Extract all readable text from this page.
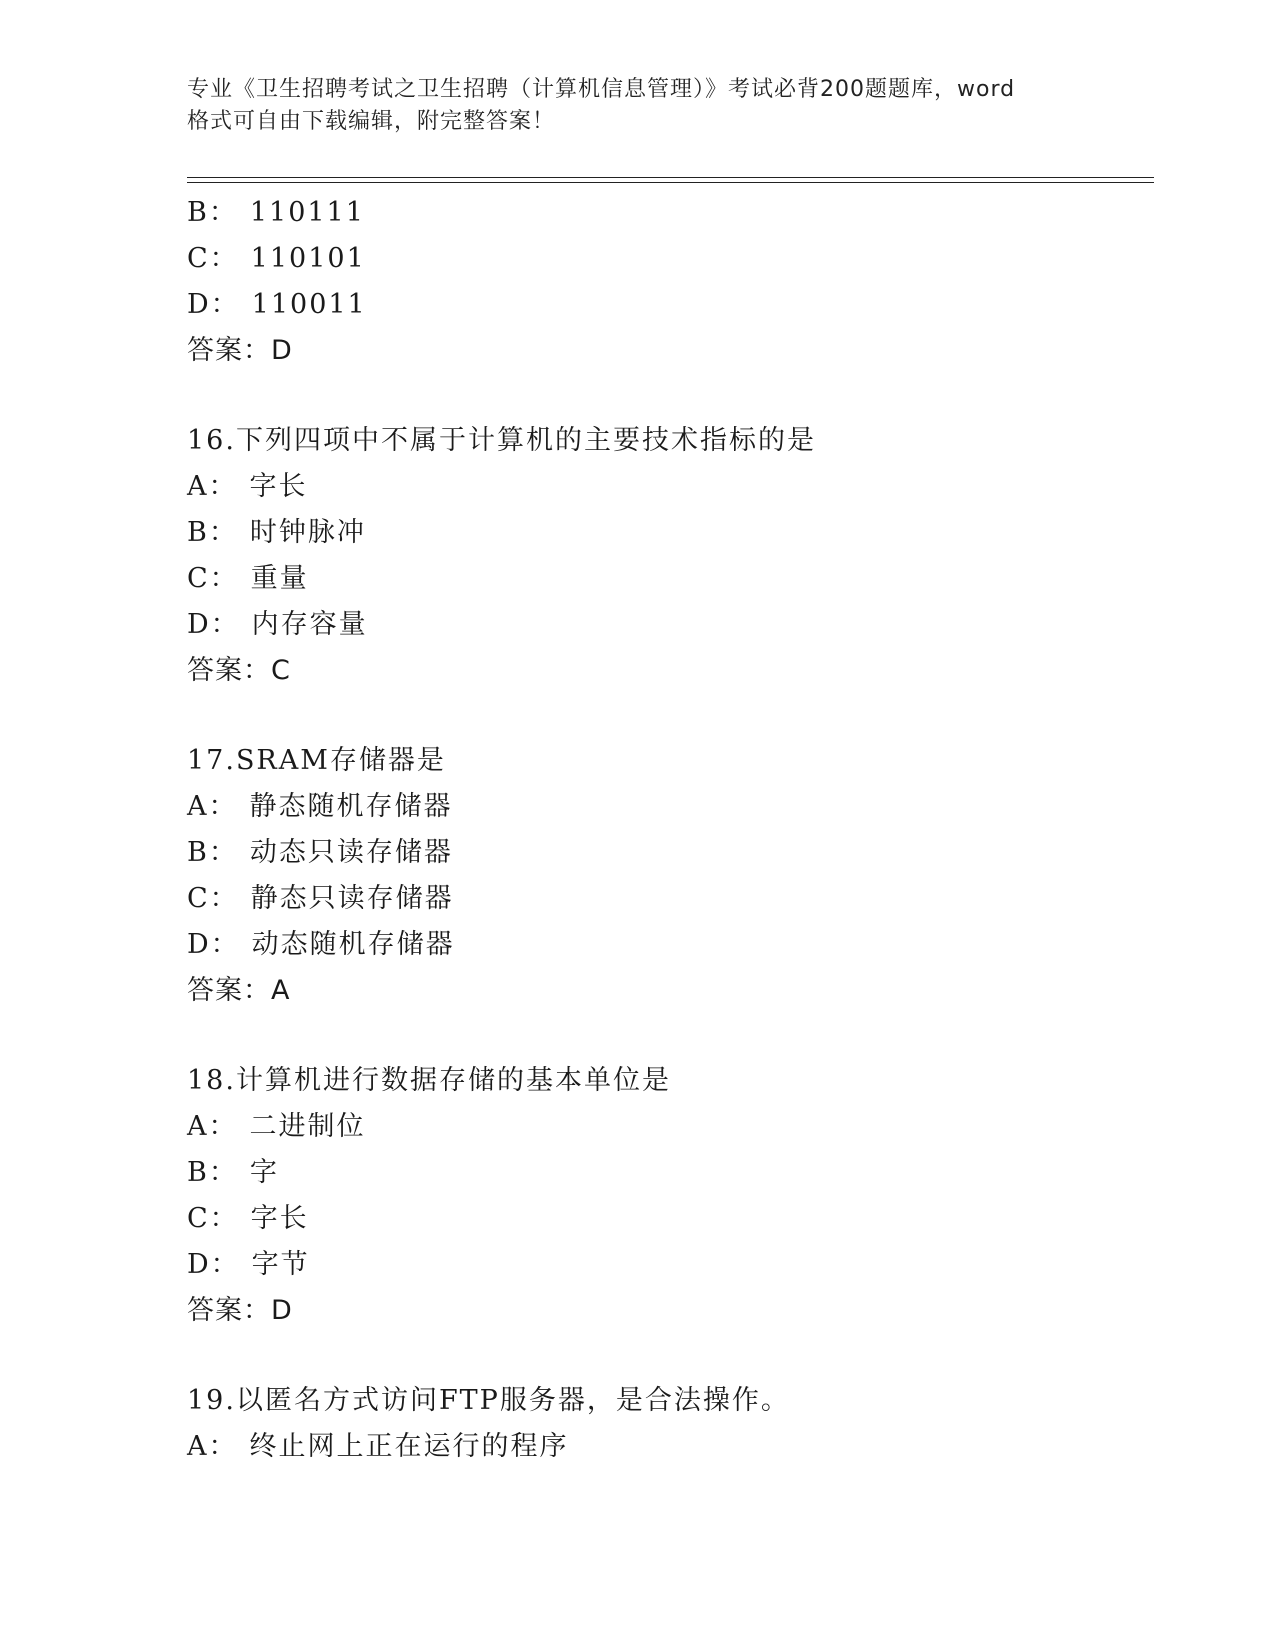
专业《卫生招聘考试之卫生招聘（计算机信息管理）》考试必背200题题库，word
格式可自由下载编辑，附完整答案！
B： 110111
C： 110101
D： 110011
答案：D
16.下列四项中不属于计算机的主要技术指标的是
A： 字长
B： 时钟脉冲
C： 重量
D： 内存容量
答案：C
17.SRAM存储器是
A： 静态随机存储器
B： 动态只读存储器
C： 静态只读存储器
D： 动态随机存储器
答案：A
18.计算机进行数据存储的基本单位是
A： 二进制位
B： 字
C： 字长
D： 字节
答案：D
19.以匿名方式访问FTP服务器，是合法操作。
A： 终止网上正在运行的程序
